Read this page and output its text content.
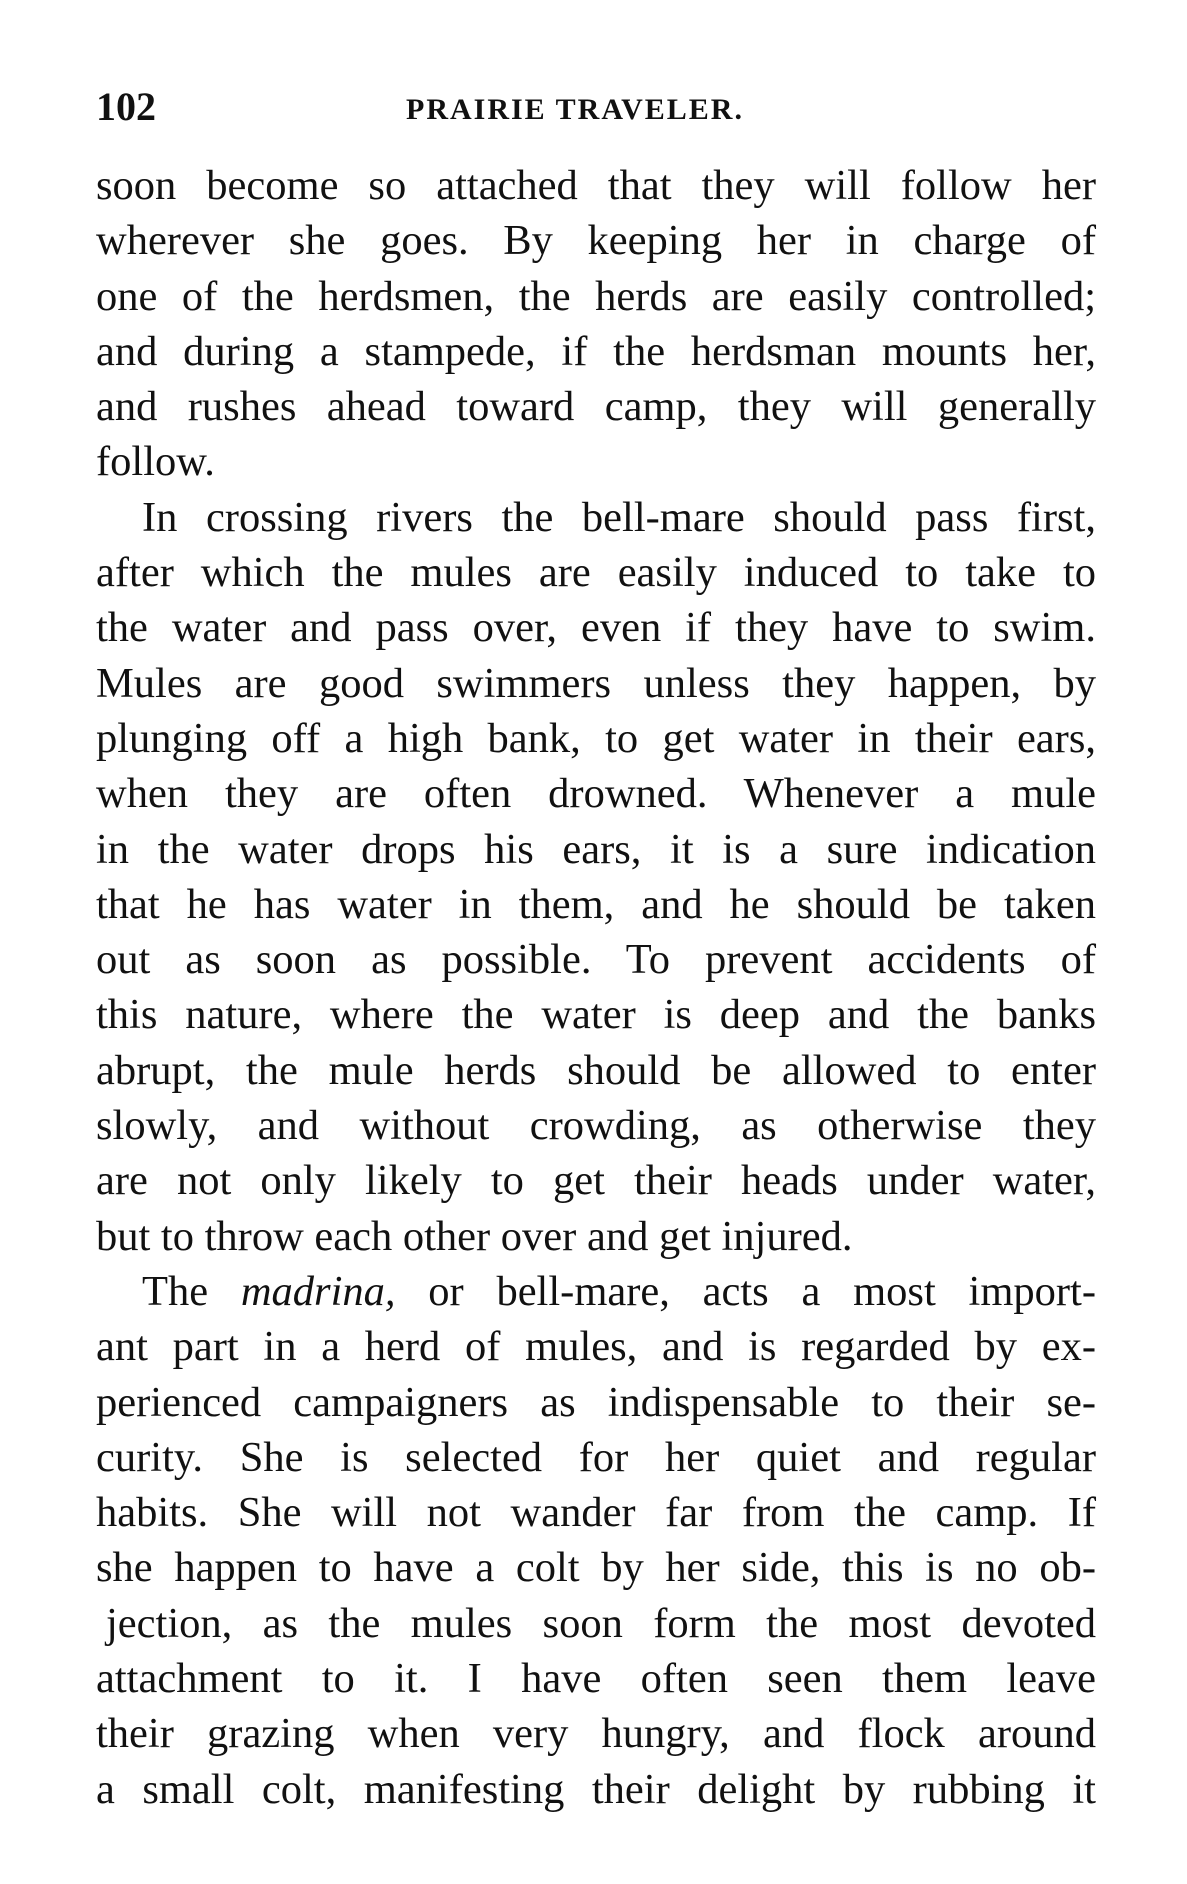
102	PRAIRIE TRAVELER.
soon become so attached that they will follow her
wherever she goes. By keeping her in charge of
one of the herdsmen, the herds are easily controlled;
and during a stampede, if the herdsman mounts her,
and rushes ahead toward camp, they will generally
follow.
In crossing rivers the bell-mare should pass first,
after which the mules are easily induced to take to
the water and pass over, even if they have to swim.
Mules are good swimmers unless they happen, by
plunging off a high bank, to get water in their ears,
when they are often drowned. Whenever a mule
in the water drops his ears, it is a sure indication
that he has water in them, and he should be taken
out as soon as possible. To prevent accidents of
this nature, where the water is deep and the banks
abrupt, the mule herds should be allowed to enter
slowly, and without crowding, as otherwise they
are not only likely to get their heads under water,
but to throw each other over and get injured.
The madrina, or bell-mare, acts a most import-
ant part in a herd of mules, and is regarded by ex-
perienced campaigners as indispensable to their se-
curity. She is selected for her quiet and regular
habits. She will not wander far from the camp. If
she happen to have a colt by her side, this is no ob-
jection, as the mules soon form the most devoted
attachment to it. I have often seen them leave
their grazing when very hungry, and flock around
a small colt, manifesting their delight by rubbing it
